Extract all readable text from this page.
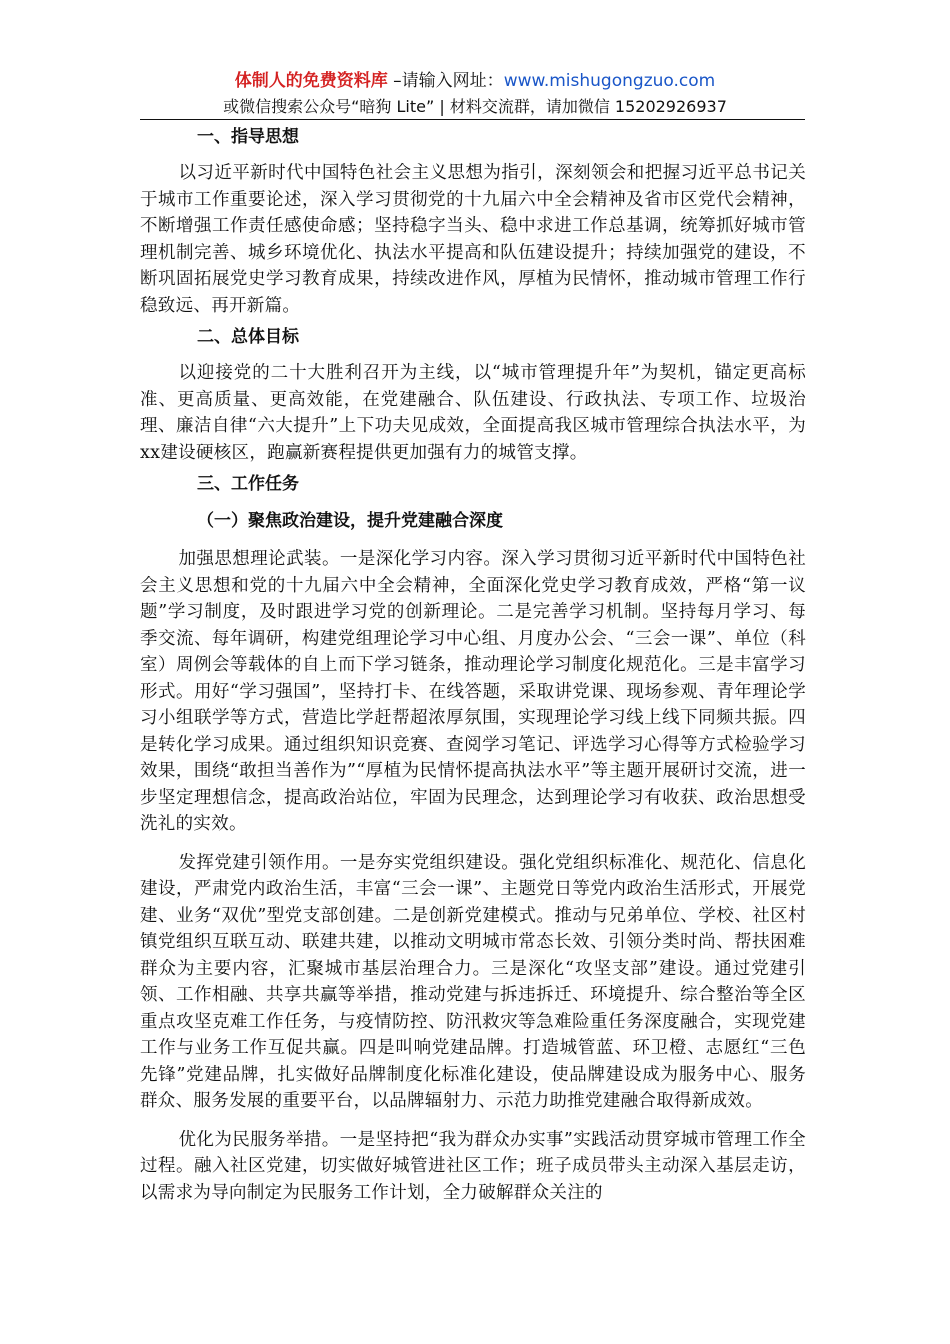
体制人的免费资料库 –请输入网址：www.mishugongzuo.com
或微信搜索公众号“暗狗 Lite” | 材料交流群，请加微信 15202926937
一、指导思想

以习近平新时代中国特色社会主义思想为指引，深刻领会和把握习近平总书记关于城市工作重要论述，深入学习贯彻党的十九届六中全会精神及省市区党代会精神，不断增强工作责任感使命感；坚持稳字当头、稳中求进工作总基调，统筹抓好城市管理机制完善、城乡环境优化、执法水平提高和队伍建设提升；持续加强党的建设，不断巩固拓展党史学习教育成果，持续改进作风，厚植为民情怀，推动城市管理工作行稳致远、再开新篇。

二、总体目标

以迎接党的二十大胜利召开为主线，以“城市管理提升年”为契机，锚定更高标准、更高质量、更高效能，在党建融合、队伍建设、行政执法、专项工作、垃圾治理、廉洁自律“六大提升”上下功夫见成效，全面提高我区城市管理综合执法水平，为xx建设硬核区，跑赢新赛程提供更加强有力的城管支撑。

三、工作任务
（一）聚焦政治建设，提升党建融合深度

加强思想理论武装。一是深化学习内容。深入学习贯彻习近平新时代中国特色社会主义思想和党的十九届六中全会精神，全面深化党史学习教育成效，严格“第一议题”学习制度，及时跟进学习党的创新理论。二是完善学习机制。坚持每月学习、每季交流、每年调研，构建党组理论学习中心组、月度办公会、“三会一课”、单位（科室）周例会等载体的自上而下学习链条，推动理论学习制度化规范化。三是丰富学习形式。用好“学习强国”，坚持打卡、在线答题，采取讲党课、现场参观、青年理论学习小组联学等方式，营造比学赶帮超浓厚氛围，实现理论学习线上线下同频共振。四是转化学习成果。通过组织知识竞赛、查阅学习笔记、评选学习心得等方式检验学习效果，围绕“敢担当善作为”“厚植为民情怀提高执法水平”等主题开展研讨交流，进一步坚定理想信念，提高政治站位，牢固为民理念，达到理论学习有收获、政治思想受洗礼的实效。

发挥党建引领作用。一是夯实党组织建设。强化党组织标准化、规范化、信息化建设，严肃党内政治生活，丰富“三会一课”、主题党日等党内政治生活形式，开展党建、业务“双优”型党支部创建。二是创新党建模式。推动与兄弟单位、学校、社区村镇党组织互联互动、联建共建，以推动文明城市常态长效、引领分类时尚、帮扶困难群众为主要内容，汇聚城市基层治理合力。三是深化“攻坚支部”建设。通过党建引领、工作相融、共享共赢等举措，推动党建与拆违拆迁、环境提升、综合整治等全区重点攻坚克难工作任务，与疫情防控、防汛救灾等急难险重任务深度融合，实现党建工作与业务工作互促共赢。四是叫响党建品牌。打造城管蓝、环卫橙、志愿红“三色先锋”党建品牌，扎实做好品牌制度化标准化建设，使品牌建设成为服务中心、服务群众、服务发展的重要平台，以品牌辐射力、示范力助推党建融合取得新成效。

优化为民服务举措。一是坚持把“我为群众办实事”实践活动贯穿城市管理工作全过程。融入社区党建，切实做好城管进社区工作；班子成员带头主动深入基层走访，以需求为导向制定为民服务工作计划，全力破解群众关注的
